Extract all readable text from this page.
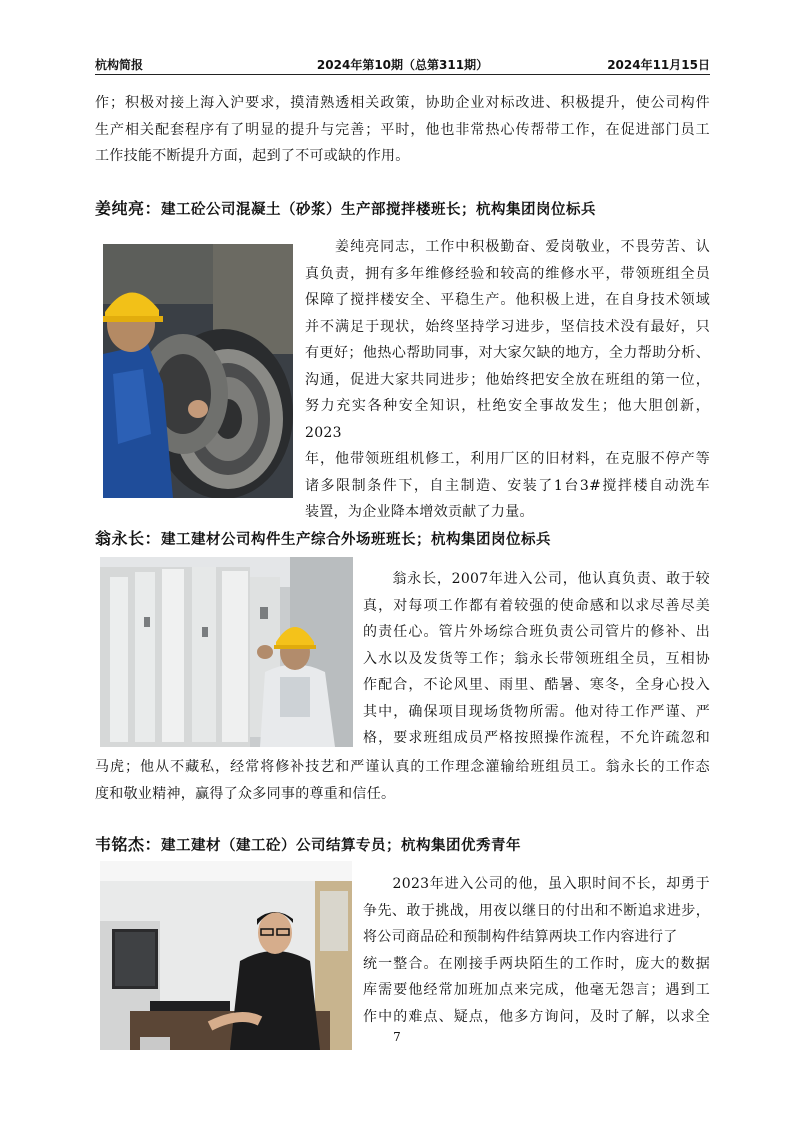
杭构简报	2024年第10期（总第311期）	2024年11月15日
作；积极对接上海入沪要求，摸清熟透相关政策，协助企业对标改进、积极提升，使公司构件
生产相关配套程序有了明显的提升与完善；平时，他也非常热心传帮带工作，在促进部门员工
工作技能不断提升方面，起到了不可或缺的作用。
姜纯亮：建工砼公司混凝土（砂浆）生产部搅拌楼班长；杭构集团岗位标兵
　　姜纯亮同志，工作中积极勤奋、爱岗敬业，不畏劳苦、认
真负责，拥有多年维修经验和较高的维修水平，带领班组全员
保障了搅拌楼安全、平稳生产。他积极上进，在自身技术领域
并不满足于现状，始终坚持学习进步，坚信技术没有最好，只
有更好；他热心帮助同事，对大家欠缺的地方，全力帮助分析、
沟通，促进大家共同进步；他始终把安全放在班组的第一位，
努力充实各种安全知识，杜绝安全事故发生；他大胆创新，2023
年，他带领班组机修工，利用厂区的旧材料，在克服不停产等
诸多限制条件下，自主制造、安装了1台3#搅拌楼自动洗车
装置，为企业降本增效贡献了力量。
翁永长：建工建材公司构件生产综合外场班班长；杭构集团岗位标兵
　　翁永长，2007年进入公司，他认真负责、敢于较
真，对每项工作都有着较强的使命感和以求尽善尽美
的责任心。管片外场综合班负责公司管片的修补、出
入水以及发货等工作；翁永长带领班组全员，互相协
作配合，不论风里、雨里、酷暑、寒冬，全身心投入
其中，确保项目现场货物所需。他对待工作严谨、严
格，要求班组成员严格按照操作流程，不允许疏忽和
马虎；他从不藏私，经常将修补技艺和严谨认真的工作理念灌输给班组员工。翁永长的工作态
度和敬业精神，赢得了众多同事的尊重和信任。
韦铭杰：建工建材（建工砼）公司结算专员；杭构集团优秀青年
　　2023年进入公司的他，虽入职时间不长，却勇于
争先、敢于挑战，用夜以继日的付出和不断追求进步，
将公司商品砼和预制构件结算两块工作内容进行了
统一整合。在刚接手两块陌生的工作时，庞大的数据
库需要他经常加班加点来完成，他毫无怨言；遇到工
作中的难点、疑点，他多方询问，及时了解，以求全
7
